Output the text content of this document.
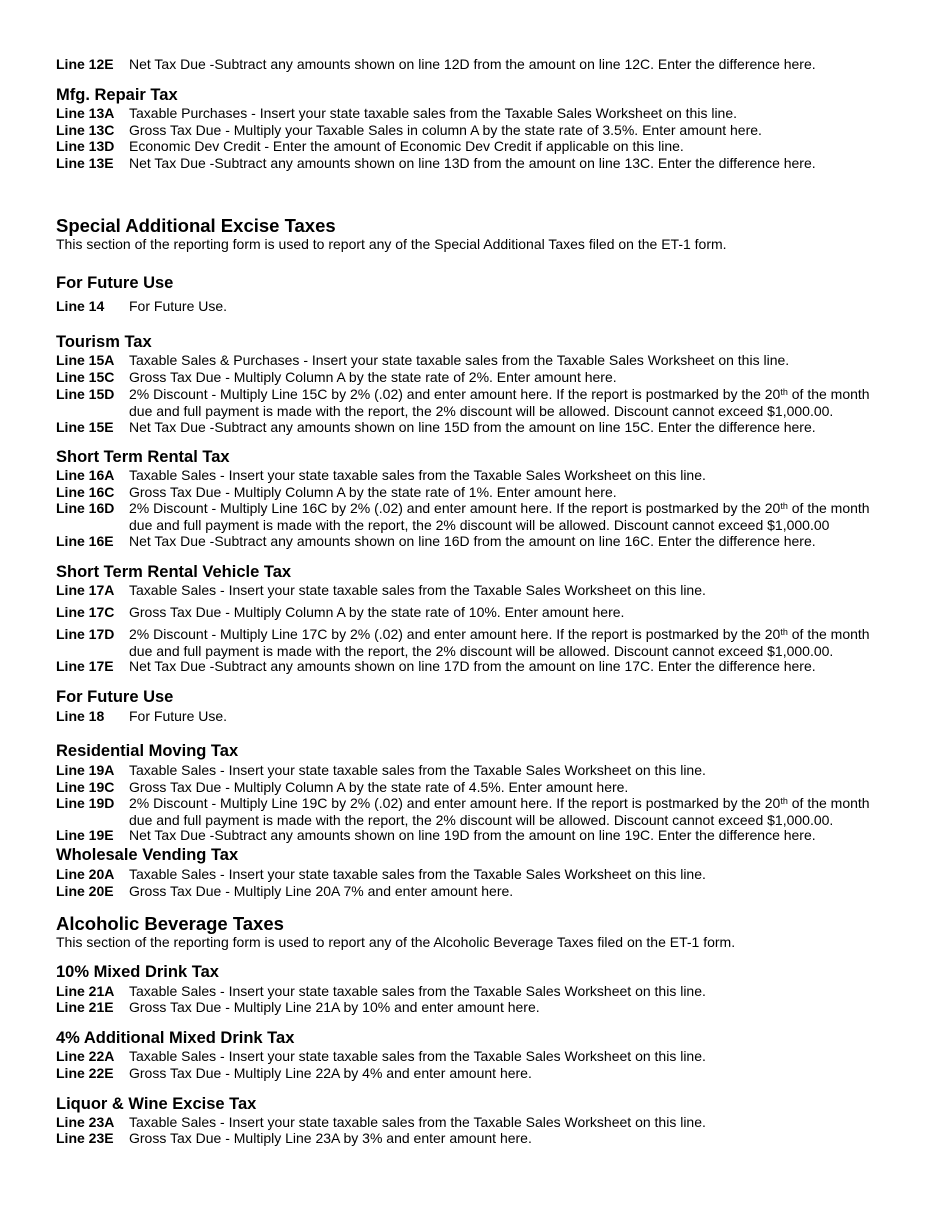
Line 12E	Net Tax Due -Subtract any amounts shown on line 12D from the amount on line 12C. Enter the difference here.
Mfg. Repair Tax
Line 13A	Taxable Purchases - Insert your state taxable sales from the Taxable Sales Worksheet on this line.
Line 13C	Gross Tax Due - Multiply your Taxable Sales in column A by the state rate of 3.5%. Enter amount here.
Line 13D	Economic Dev Credit - Enter the amount of Economic Dev Credit if applicable on this line.
Line 13E	Net Tax Due -Subtract any amounts shown on line 13D from the amount on line 13C. Enter the difference here.
Special Additional Excise Taxes

This section of the reporting form is used to report any of the Special Additional Taxes filed on the ET-1 form.

For Future Use
Line 14	For Future Use.
Tourism Tax
Line 15A	Taxable Sales & Purchases - Insert your state taxable sales from the Taxable Sales Worksheet on this line.
Line 15C	Gross Tax Due - Multiply Column A by the state rate of 2%. Enter amount here.
Line 15D	2% Discount - Multiply Line 15C by 2% (.02) and enter amount here. If the report is postmarked by the 20th of the month
due and full payment is made with the report, the 2% discount will be allowed. Discount cannot exceed $1,000.00.
Line 15E	Net Tax Due -Subtract any amounts shown on line 15D from the amount on line 15C. Enter the difference here.
Short Term Rental Tax
Line 16A	Taxable Sales - Insert your state taxable sales from the Taxable Sales Worksheet on this line.
Line 16C	Gross Tax Due - Multiply Column A by the state rate of 1%. Enter amount here.
Line 16D	2% Discount - Multiply Line 16C by 2% (.02) and enter amount here. If the report is postmarked by the 20th of the month
due and full payment is made with the report, the 2% discount will be allowed. Discount cannot exceed $1,000.00
Line 16E	Net Tax Due -Subtract any amounts shown on line 16D from the amount on line 16C. Enter the difference here.
Short Term Rental Vehicle Tax
Line 17A	Taxable Sales - Insert your state taxable sales from the Taxable Sales Worksheet on this line.
Line 17C	Gross Tax Due - Multiply Column A by the state rate of 10%. Enter amount here.
Line 17D	2% Discount - Multiply Line 17C by 2% (.02) and enter amount here. If the report is postmarked by the 20th of the month
due and full payment is made with the report, the 2% discount will be allowed. Discount cannot exceed $1,000.00.
Line 17E	Net Tax Due -Subtract any amounts shown on line 17D from the amount on line 17C. Enter the difference here.
For Future Use
Line 18	For Future Use.
Residential Moving Tax
Line 19A	Taxable Sales - Insert your state taxable sales from the Taxable Sales Worksheet on this line.
Line 19C	Gross Tax Due - Multiply Column A by the state rate of 4.5%. Enter amount here.
Line 19D	2% Discount - Multiply Line 19C by 2% (.02) and enter amount here. If the report is postmarked by the 20th of the month
due and full payment is made with the report, the 2% discount will be allowed. Discount cannot exceed $1,000.00.
Line 19E	Net Tax Due -Subtract any amounts shown on line 19D from the amount on line 19C. Enter the difference here.
Wholesale Vending Tax
Line 20A	Taxable Sales - Insert your state taxable sales from the Taxable Sales Worksheet on this line.
Line 20E	Gross Tax Due - Multiply Line 20A 7% and enter amount here.
Alcoholic Beverage Taxes

This section of the reporting form is used to report any of the Alcoholic Beverage Taxes filed on the ET-1 form.

10% Mixed Drink Tax
Line 21A	Taxable Sales - Insert your state taxable sales from the Taxable Sales Worksheet on this line.
Line 21E	Gross Tax Due - Multiply Line 21A by 10% and enter amount here.
4% Additional Mixed Drink Tax
Line 22A	Taxable Sales - Insert your state taxable sales from the Taxable Sales Worksheet on this line.
Line 22E	Gross Tax Due - Multiply Line 22A by 4% and enter amount here.
Liquor & Wine Excise Tax
Line 23A	Taxable Sales - Insert your state taxable sales from the Taxable Sales Worksheet on this line.
Line 23E	Gross Tax Due - Multiply Line 23A by 3% and enter amount here.
